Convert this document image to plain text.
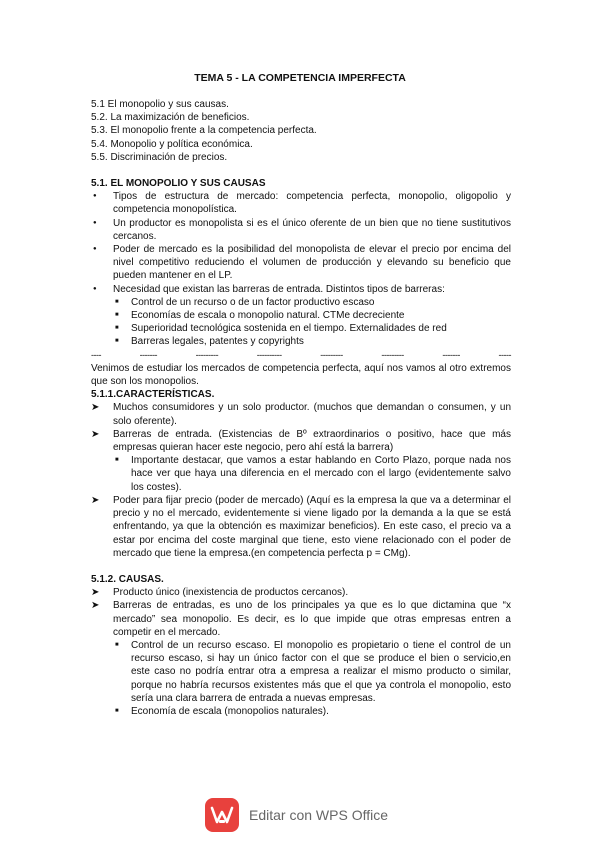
TEMA 5 - LA COMPETENCIA IMPERFECTA
5.1 El monopolio y sus causas.
5.2. La maximización de beneficios.
5.3. El monopolio frente a la competencia perfecta.
5.4. Monopolio y política económica.
5.5. Discriminación de precios.
5.1. EL MONOPOLIO Y SUS CAUSAS
● Tipos de estructura de mercado: competencia perfecta, monopolio, oligopolio y competencia monopolística.
● Un productor es monopolista si es el único oferente de un bien que no tiene sustitutivos cercanos.
● Poder de mercado es la posibilidad del monopolista de elevar el precio por encima del nivel competitivo reduciendo el volumen de producción y elevando su beneficio que pueden mantener en el LP.
● Necesidad que existan las barreras de entrada. Distintos tipos de barreras:
■ Control de un recurso o de un factor productivo escaso
■ Economías de escala o monopolio natural. CTMe decreciente
■ Superioridad tecnológica sostenida en el tiempo. Externalidades de red
■ Barreras legales, patentes y copyrights
----	-------	---------	----------	---------	---------	-------	-----
Venimos de estudiar los mercados de competencia perfecta, aquí nos vamos al otro extremos que son los monopolios.
5.1.1.CARACTERÍSTICAS.
➤ Muchos consumidores y un solo productor. (muchos que demandan o consumen, y un solo oferente).
➤ Barreras de entrada. (Existencias de Bº extraordinarios o positivo, hace que más empresas quieran hacer este negocio, pero ahí está la barrera)
■ Importante destacar, que vamos a estar hablando en Corto Plazo, porque nada nos hace ver que haya una diferencia en el mercado con el largo (evidentemente salvo los costes).
➤ Poder para fijar precio (poder de mercado) (Aquí es la empresa la que va a determinar el precio y no el mercado, evidentemente si viene ligado por la demanda a la que se está enfrentando, ya que la obtención es maximizar beneficios). En este caso, el precio va a estar por encima del coste marginal que tiene, esto viene relacionado con el poder de mercado que tiene la empresa.(en competencia perfecta p = CMg).
5.1.2. CAUSAS.
➤ Producto único (inexistencia de productos cercanos).
➤ Barreras de entradas, es uno de los principales ya que es lo que dictamina que “x mercado” sea monopolio. Es decir, es lo que impide que otras empresas entren a competir en el mercado.
■ Control de un recurso escaso. El monopolio es propietario o tiene el control de un recurso escaso, si hay un único factor con el que se produce el bien o servicio,en este caso no podría entrar otra a empresa a realizar el mismo producto o similar, porque no habría recursos existentes más que el que ya controla el monopolio, esto sería una clara barrera de entrada a nuevas empresas.
■ Economía de escala (monopolios naturales).
Editar con WPS Office
